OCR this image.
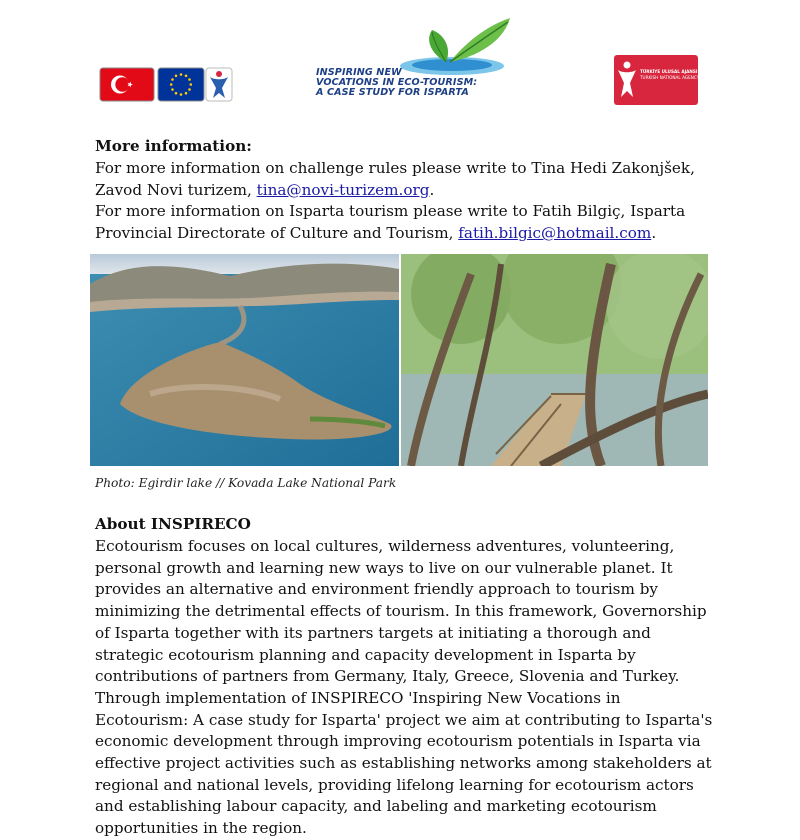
INSPIRING NEW
VOCATIONS IN ECO-TOURISM:
A CASE STUDY FOR ISPARTA
TÜRKİYE ULUSAL AJANSI
TURKISH NATIONAL AGENCY
More information:
For more information on challenge rules please write to Tina Hedi Zakonjšek, Zavod Novi turizem, tina@novi-turizem.org.
For more information on Isparta tourism please write to Fatih Bilgiç, Isparta Provincial Directorate of Culture and Tourism, fatih.bilgic@hotmail.com.
Photo: Egirdir lake // Kovada Lake National Park
About INSPIRECO
Ecotourism focuses on local cultures, wilderness adventures, volunteering, personal growth and learning new ways to live on our vulnerable planet. It provides an alternative and environment friendly approach to tourism by minimizing the detrimental effects of tourism. In this framework, Governorship of Isparta together with its partners targets at initiating a thorough and strategic ecotourism planning and capacity development in Isparta by contributions of partners from Germany, Italy, Greece, Slovenia and Turkey. Through implementation of INSPIRECO 'Inspiring New Vocations in Ecotourism: A case study for Isparta' project we aim at contributing to Isparta's economic development through improving ecotourism potentials in Isparta via effective project activities such as establishing networks among stakeholders at regional and national levels, providing lifelong learning for ecotourism actors and establishing labour capacity, and labeling and marketing ecotourism opportunities in the region.
